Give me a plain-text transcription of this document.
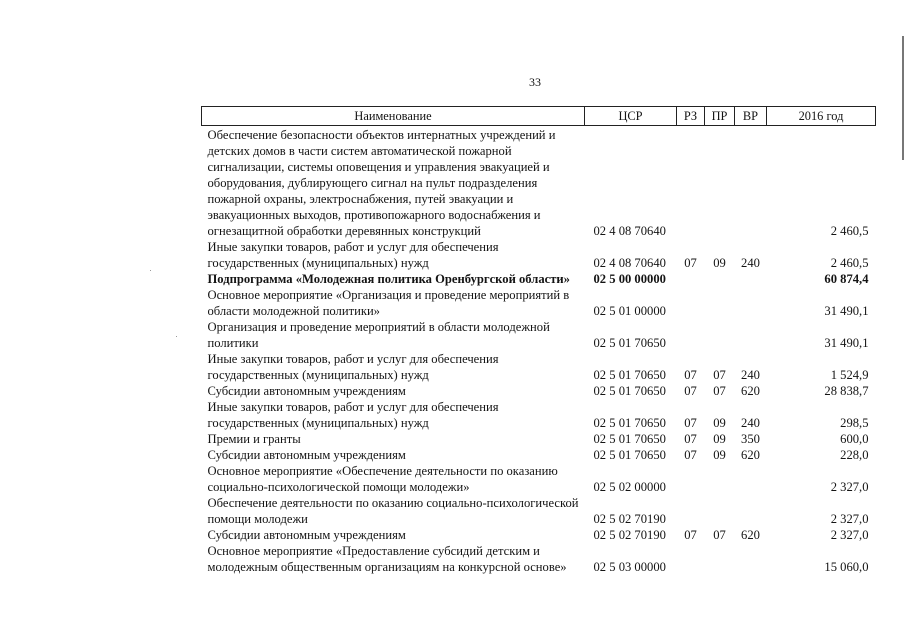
33
Наименование	ЦСР	РЗ	ПР	ВР	2016 год
Обеспечение безопасности объектов интернатных учреждений и детских домов в части систем автоматической пожарной сигнализации, системы оповещения и управления эвакуацией и оборудования, дублирующего сигнал на пульт подразделения пожарной охраны, электроснабжения, путей эвакуации и эвакуационных выходов, противопожарного водоснабжения и огнезащитной обработки деревянных конструкций	02 4 08 70640				2 460,5
Иные закупки товаров, работ и услуг для обеспечения государственных (муниципальных) нужд	02 4 08 70640	07	09	240	2 460,5
Подпрограмма «Молодежная политика Оренбургской области»	02 5 00 00000				60 874,4
Основное мероприятие «Организация и проведение мероприятий в области молодежной политики»	02 5 01 00000				31 490,1
Организация и проведение мероприятий в области молодежной политики	02 5 01 70650				31 490,1
Иные закупки товаров, работ и услуг для обеспечения государственных (муниципальных) нужд	02 5 01 70650	07	07	240	1 524,9
Субсидии автономным учреждениям	02 5 01 70650	07	07	620	28 838,7
Иные закупки товаров, работ и услуг для обеспечения государственных (муниципальных) нужд	02 5 01 70650	07	09	240	298,5
Премии и гранты	02 5 01 70650	07	09	350	600,0
Субсидии автономным учреждениям	02 5 01 70650	07	09	620	228,0
Основное мероприятие «Обеспечение деятельности по оказанию социально-психологической помощи молодежи»	02 5 02 00000				2 327,0
Обеспечение деятельности по оказанию социально-психологической помощи молодежи	02 5 02 70190				2 327,0
Субсидии автономным учреждениям	02 5 02 70190	07	07	620	2 327,0
Основное мероприятие «Предоставление субсидий детским и молодежным общественным организациям на конкурсной основе»	02 5 03 00000				15 060,0
